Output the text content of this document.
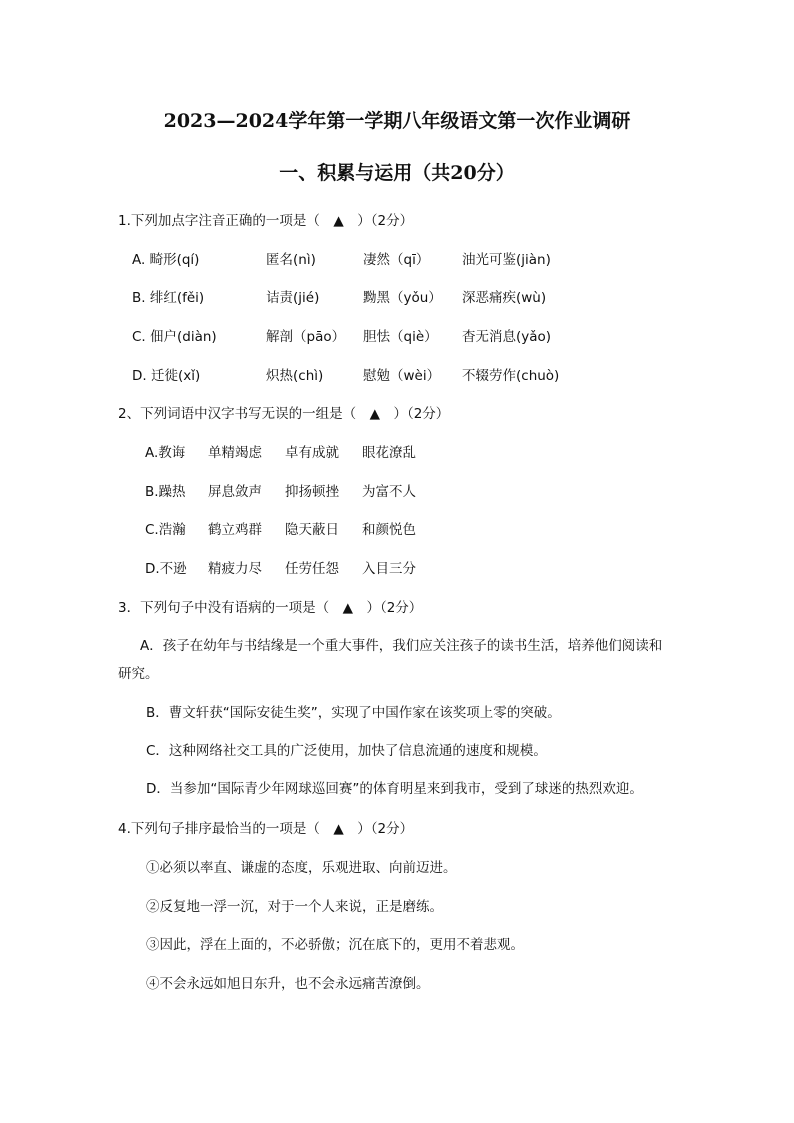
2023—2024学年第一学期八年级语文第一次作业调研
一、积累与运用（共20分）
1.下列加点字注音正确的一项是（　▲　）（2分）
A. 畸形(qí)	匿名(nì)	凄然（qī） 油光可鉴(jiàn)
B. 绯红(fěi)	诘责(jié)	黝黑（yǒu） 深恶痛疾(wù)
C. 佃户(diàn)	解剖（pāo） 胆怯（qiè） 杳无消息(yǎo)
D. 迁徙(xǐ)	炽热(chì)	慰勉（wèi） 不辍劳作(chuò)
2、下列词语中汉字书写无误的一组是（　▲　）（2分）
A.教诲 单精竭虑 卓有成就 眼花潦乱
B.躁热 屏息敛声 抑扬顿挫 为富不人
C.浩瀚 鹤立鸡群 隐天蔽日 和颜悦色
D.不逊 精疲力尽 任劳任怨 入目三分
3．下列句子中没有语病的一项是（　▲　）（2分）
A．孩子在幼年与书结缘是一个重大事件，我们应关注孩子的读书生活，培养他们阅读和
研究。
B．曹文轩获“国际安徒生奖”，实现了中国作家在该奖项上零的突破。
C．这种网络社交工具的广泛使用，加快了信息流通的速度和规模。
D．当参加“国际青少年网球巡回赛”的体育明星来到我市，受到了球迷的热烈欢迎。
4.下列句子排序最恰当的一项是（　▲　）（2分）
①必须以率直、谦虚的态度，乐观进取、向前迈进。
②反复地一浮一沉，对于一个人来说，正是磨练。
③因此，浮在上面的，不必骄傲；沉在底下的，更用不着悲观。
④不会永远如旭日东升，也不会永远痛苦潦倒。
